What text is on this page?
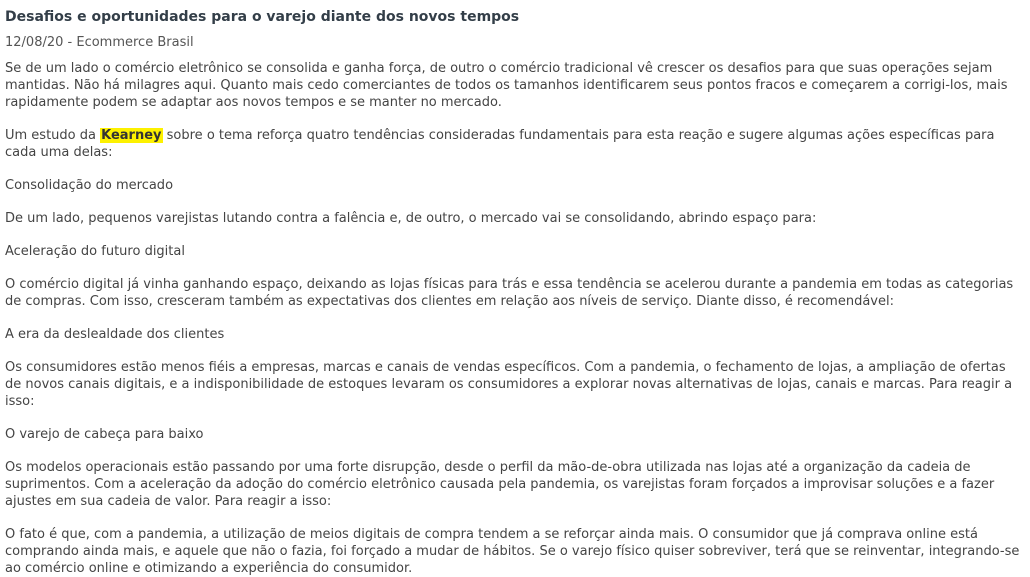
Desafios e oportunidades para o varejo diante dos novos tempos
12/08/20 - Ecommerce Brasil

Se de um lado o comércio eletrônico se consolida e ganha força, de outro o comércio tradicional vê crescer os desafios para que suas operações sejam mantidas. Não há milagres aqui. Quanto mais cedo comerciantes de todos os tamanhos identificarem seus pontos fracos e começarem a corrigi-los, mais rapidamente podem se adaptar aos novos tempos e se manter no mercado.

Um estudo da Kearney sobre o tema reforça quatro tendências consideradas fundamentais para esta reação e sugere algumas ações específicas para cada uma delas:

Consolidação do mercado

De um lado, pequenos varejistas lutando contra a falência e, de outro, o mercado vai se consolidando, abrindo espaço para:

Aceleração do futuro digital

O comércio digital já vinha ganhando espaço, deixando as lojas físicas para trás e essa tendência se acelerou durante a pandemia em todas as categorias de compras. Com isso, cresceram também as expectativas dos clientes em relação aos níveis de serviço. Diante disso, é recomendável:

A era da deslealdade dos clientes

Os consumidores estão menos fiéis a empresas, marcas e canais de vendas específicos. Com a pandemia, o fechamento de lojas, a ampliação de ofertas de novos canais digitais, e a indisponibilidade de estoques levaram os consumidores a explorar novas alternativas de lojas, canais e marcas. Para reagir a isso:

O varejo de cabeça para baixo

Os modelos operacionais estão passando por uma forte disrupção, desde o perfil da mão-de-obra utilizada nas lojas até a organização da cadeia de suprimentos. Com a aceleração da adoção do comércio eletrônico causada pela pandemia, os varejistas foram forçados a improvisar soluções e a fazer ajustes em sua cadeia de valor. Para reagir a isso:

O fato é que, com a pandemia, a utilização de meios digitais de compra tendem a se reforçar ainda mais. O consumidor que já comprava online está comprando ainda mais, e aquele que não o fazia, foi forçado a mudar de hábitos. Se o varejo físico quiser sobreviver, terá que se reinventar, integrando-se ao comércio online e otimizando a experiência do consumidor.
